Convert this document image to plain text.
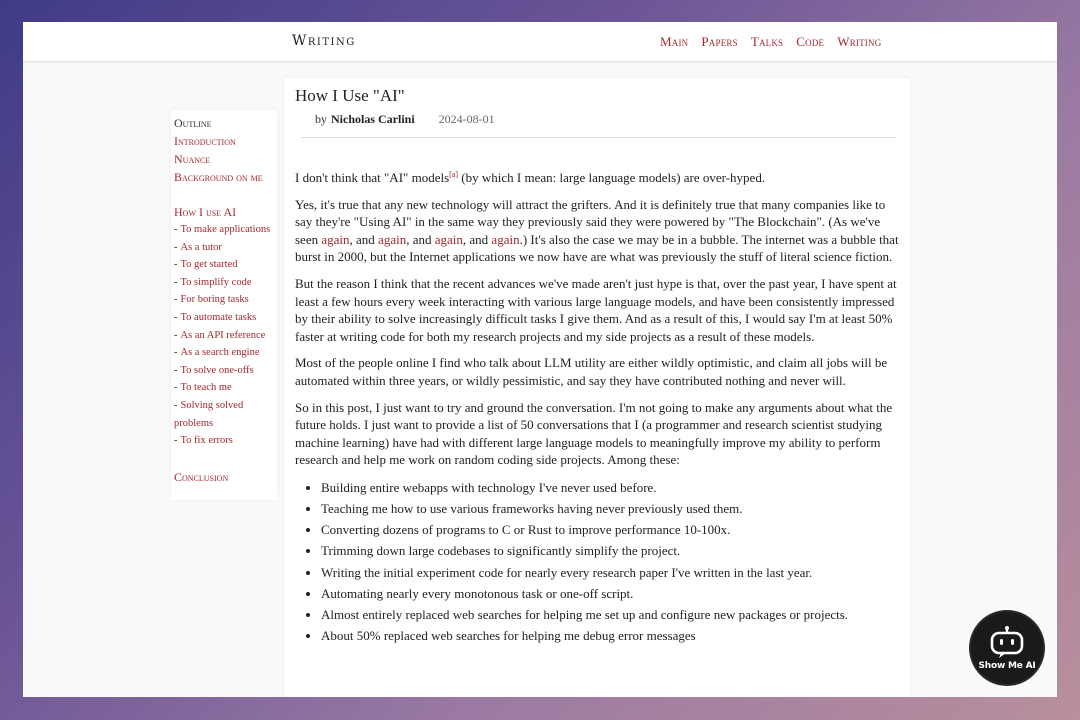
Writing	Main Papers Talks Code Writing
Outline
Introduction
Nuance
Background on me
How I use AI
- To make applications
- As a tutor
- To get started
- To simplify code
- For boring tasks
- To automate tasks
- As an API reference
- As a search engine
- To solve one-offs
- To teach me
- Solving solved problems
- To fix errors
Conclusion
How I Use "AI"
by Nicholas Carlini 2024-08-01

I don't think that "AI" models[a] (by which I mean: large language models) are over-hyped.

Yes, it's true that any new technology will attract the grifters. And it is definitely true that many companies like to say they're "Using AI" in the same way they previously said they were powered by "The Blockchain". (As we've seen again, and again, and again, and again.) It's also the case we may be in a bubble. The internet was a bubble that burst in 2000, but the Internet applications we now have are what was previously the stuff of literal science fiction.

But the reason I think that the recent advances we've made aren't just hype is that, over the past year, I have spent at least a few hours every week interacting with various large language models, and have been consistently impressed by their ability to solve increasingly difficult tasks I give them. And as a result of this, I would say I'm at least 50% faster at writing code for both my research projects and my side projects as a result of these models.

Most of the people online I find who talk about LLM utility are either wildly optimistic, and claim all jobs will be automated within three years, or wildly pessimistic, and say they have contributed nothing and never will.

So in this post, I just want to try and ground the conversation. I'm not going to make any arguments about what the future holds. I just want to provide a list of 50 conversations that I (a programmer and research scientist studying machine learning) have had with different large language models to meaningfully improve my ability to perform research and help me work on random coding side projects. Among these:

• Building entire webapps with technology I've never used before.
• Teaching me how to use various frameworks having never previously used them.
• Converting dozens of programs to C or Rust to improve performance 10-100x.
• Trimming down large codebases to significantly simplify the project.
• Writing the initial experiment code for nearly every research paper I've written in the last year.
• Automating nearly every monotonous task or one-off script.
• Almost entirely replaced web searches for helping me set up and configure new packages or projects.
• About 50% replaced web searches for helping me debug error messages
Show Me AI
